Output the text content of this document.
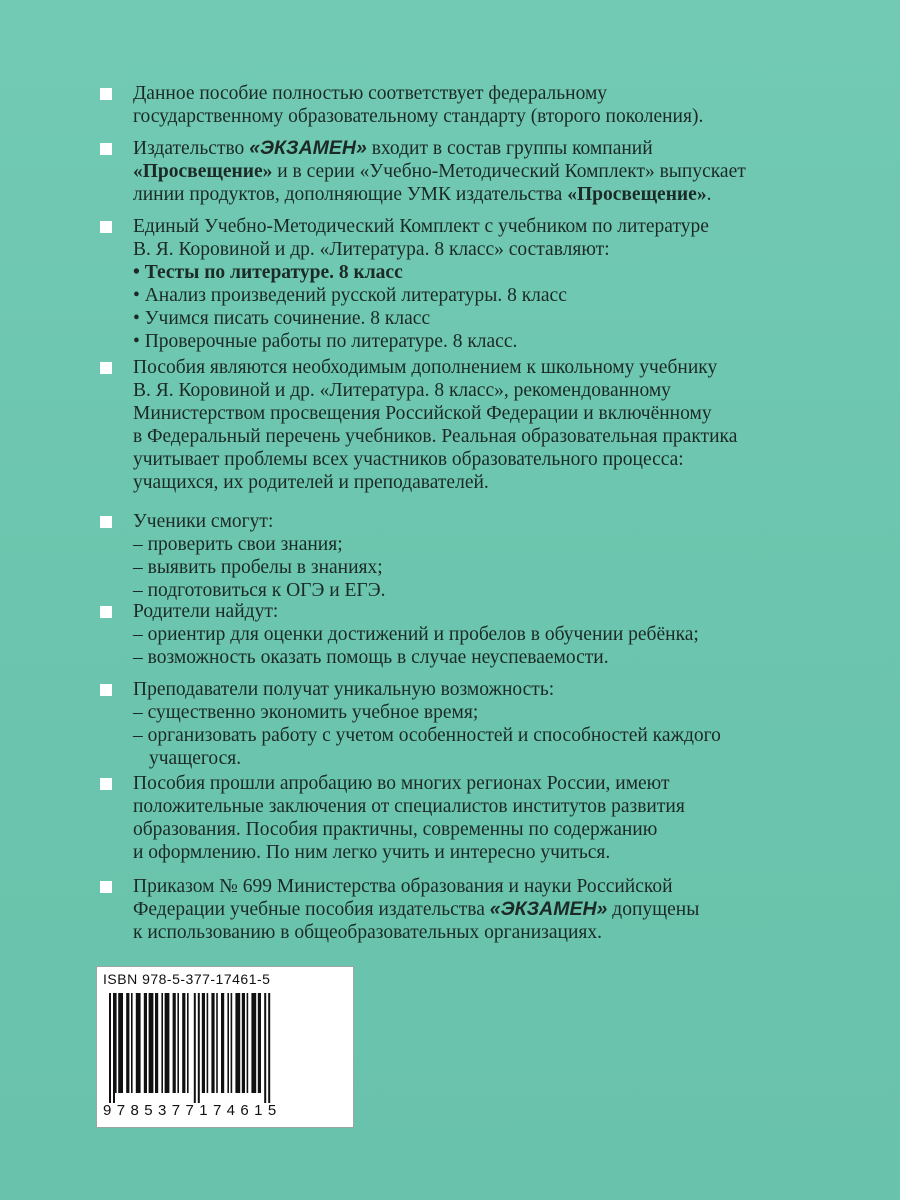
Данное пособие полностью соответствует федеральному
государственному образовательному стандарту (второго поколения).
Издательство «ЭКЗАМЕН» входит в состав группы компаний
«Просвещение» и в серии «Учебно-Методический Комплект» выпускает
линии продуктов, дополняющие УМК издательства «Просвещение».
Единый Учебно-Методический Комплект с учебником по литературе
В. Я. Коровиной и др. «Литература. 8 класс» составляют:
• Тесты по литературе. 8 класс
• Анализ произведений русской литературы. 8 класс
• Учимся писать сочинение. 8 класс
• Проверочные работы по литературе. 8 класс.
Пособия являются необходимым дополнением к школьному учебнику
В. Я. Коровиной и др. «Литература. 8 класс», рекомендованному
Министерством просвещения Российской Федерации и включённому
в Федеральный перечень учебников. Реальная образовательная практика
учитывает проблемы всех участников образовательного процесса:
учащихся, их родителей и преподавателей.
Ученики смогут:
– проверить свои знания;
– выявить пробелы в знаниях;
– подготовиться к ОГЭ и ЕГЭ.
Родители найдут:
– ориентир для оценки достижений и пробелов в обучении ребёнка;
– возможность оказать помощь в случае неуспеваемости.
Преподаватели получат уникальную возможность:
– существенно экономить учебное время;
– организовать работу с учетом особенностей и способностей каждого
учащегося.
Пособия прошли апробацию во многих регионах России, имеют
положительные заключения от специалистов институтов развития
образования. Пособия практичны, современны по содержанию
и оформлению. По ним легко учить и интересно учиться.
Приказом № 699 Министерства образования и науки Российской
Федерации учебные пособия издательства «ЭКЗАМЕН» допущены
к использованию в общеобразовательных организациях.
ISBN 978-5-377-17461-5
9785377174615
